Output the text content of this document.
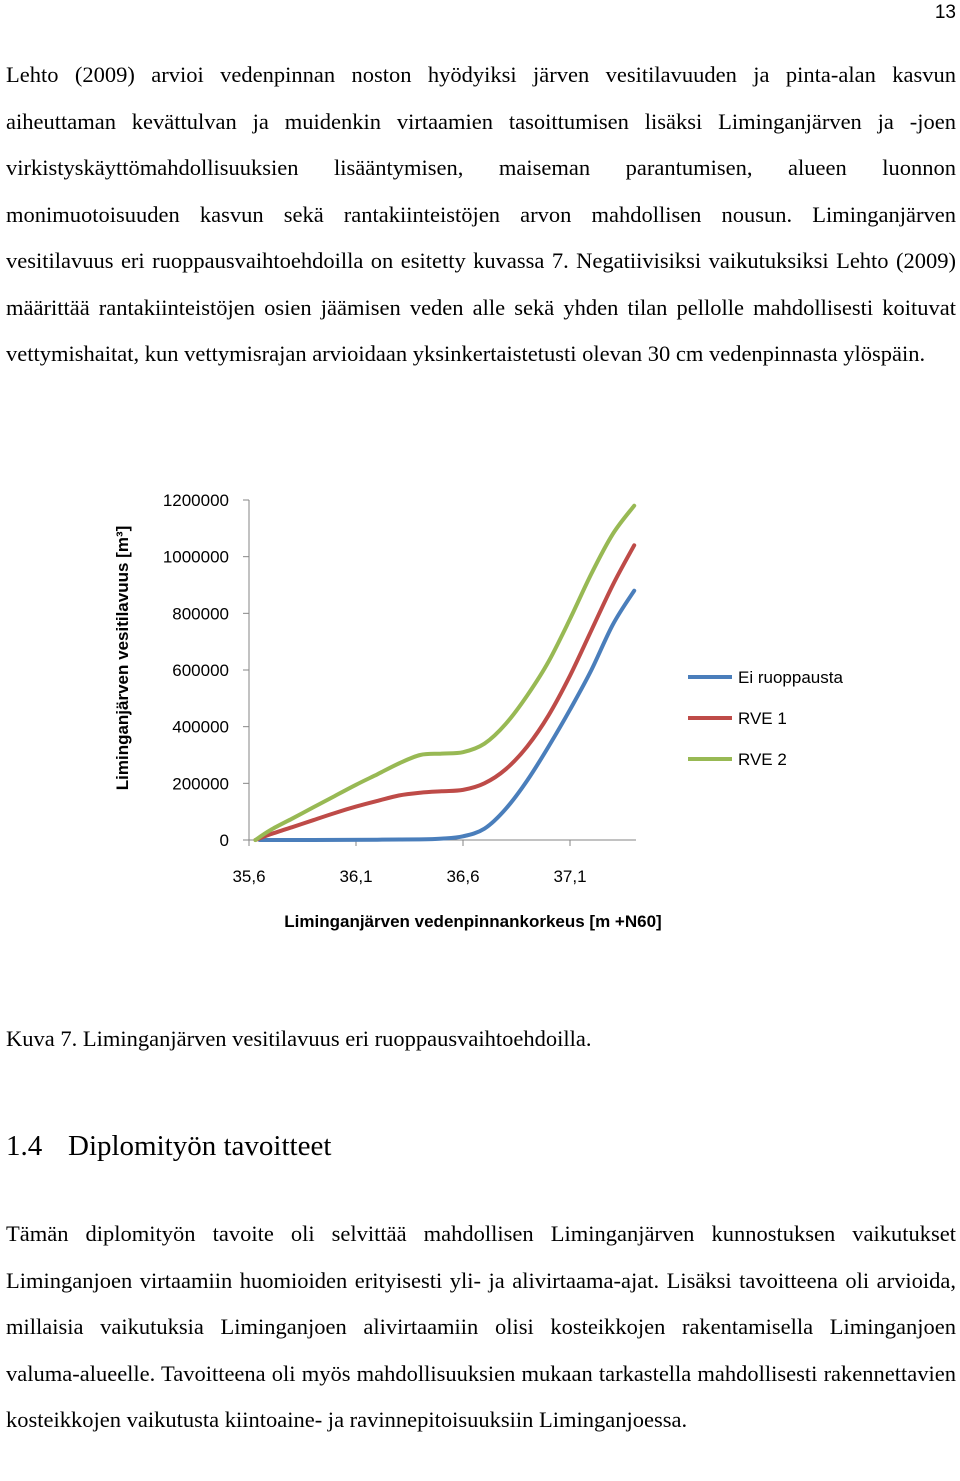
13

Lehto (2009) arvioi vedenpinnan noston hyödyiksi järven vesitilavuuden ja pinta-alan kasvun aiheuttaman kevättulvan ja muidenkin virtaamien tasoittumisen lisäksi Liminganjärven ja -joen virkistyskäyttömahdollisuuksien lisääntymisen, maiseman parantumisen, alueen luonnon monimuotoisuuden kasvun sekä rantakiinteistöjen arvon mahdollisen nousun. Liminganjärven vesitilavuus eri ruoppausvaihtoehdoilla on esitetty kuvassa 7. Negatiivisiksi vaikutuksiksi Lehto (2009) määrittää rantakiinteistöjen osien jäämisen veden alle sekä yhden tilan pellolle mahdollisesti koituvat vettymishaitat, kun vettymisrajan arvioidaan yksinkertaistetusti olevan 30 cm vedenpinnasta ylöspäin.

Liminganjärven vesitilavuus [m³]
0
200000
400000
600000
800000
1000000
1200000
35,6	36,1	36,6	37,1
Ei ruoppausta
RVE 1
RVE 2
Liminganjärven vedenpinnankorkeus [m +N60]

Kuva 7. Liminganjärven vesitilavuus eri ruoppausvaihtoehdoilla.

1.4 Diplomityön tavoitteet

Tämän diplomityön tavoite oli selvittää mahdollisen Liminganjärven kunnostuksen vaikutukset Liminganjoen virtaamiin huomioiden erityisesti yli- ja alivirtaama-ajat. Lisäksi tavoitteena oli arvioida, millaisia vaikutuksia Liminganjoen alivirtaamiin olisi kosteikkojen rakentamisella Liminganjoen valuma-alueelle. Tavoitteena oli myös mahdollisuuksien mukaan tarkastella mahdollisesti rakennettavien kosteikkojen vaikutusta kiintoaine- ja ravinnepitoisuuksiin Liminganjoessa.
